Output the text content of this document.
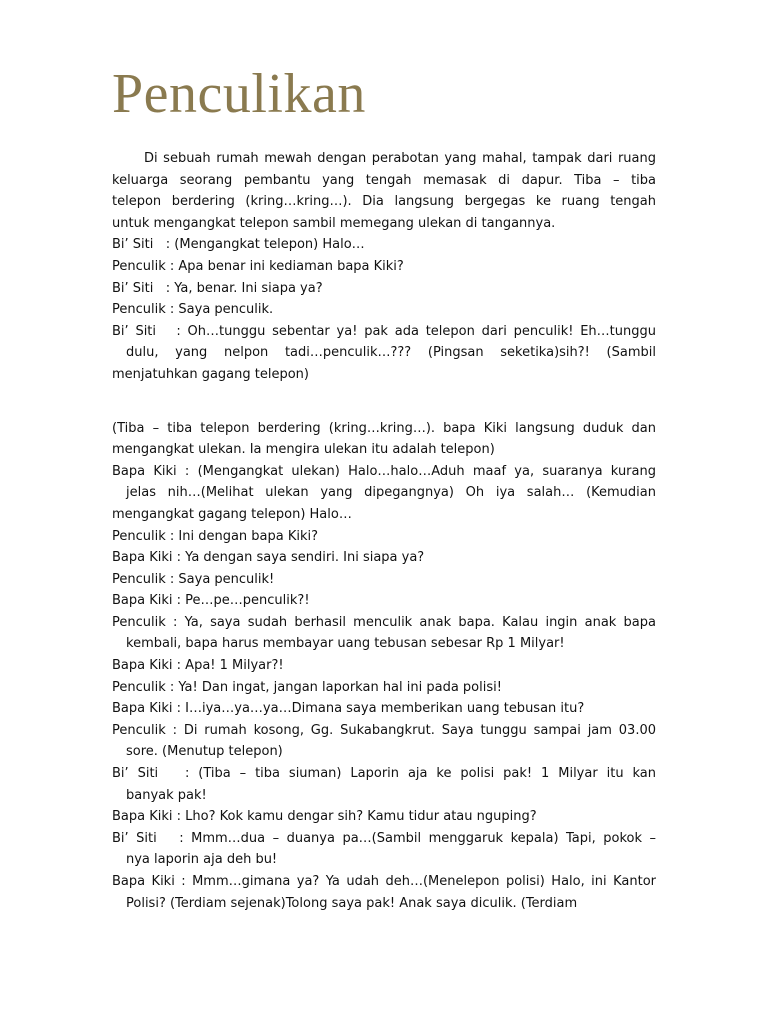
Penculikan
Di sebuah rumah mewah dengan perabotan yang mahal, tampak dari ruang
keluarga seorang pembantu yang tengah memasak di dapur. Tiba – tiba
telepon berdering (kring…kring…). Dia langsung bergegas ke ruang tengah
untuk mengangkat telepon sambil memegang ulekan di tangannya.
Bi’ Siti   : (Mengangkat telepon) Halo…
Penculik : Apa benar ini kediaman bapa Kiki?
Bi’ Siti   : Ya, benar. Ini siapa ya?
Penculik : Saya penculik.
Bi’ Siti   : Oh…tunggu sebentar ya! pak ada telepon dari penculik! Eh…tunggu
dulu, yang nelpon tadi…penculik…??? (Pingsan seketika)sih?! (Sambil
menjatuhkan gagang telepon)
(Tiba – tiba telepon berdering (kring…kring…). bapa Kiki langsung duduk dan
mengangkat ulekan. Ia mengira ulekan itu adalah telepon)
Bapa Kiki : (Mengangkat ulekan) Halo…halo…Aduh maaf ya, suaranya kurang
jelas nih…(Melihat ulekan yang dipegangnya) Oh iya salah… (Kemudian
mengangkat gagang telepon) Halo…
Penculik : Ini dengan bapa Kiki?
Bapa Kiki : Ya dengan saya sendiri. Ini siapa ya?
Penculik : Saya penculik!
Bapa Kiki : Pe…pe…penculik?!
Penculik : Ya, saya sudah berhasil menculik anak bapa. Kalau ingin anak bapa
kembali, bapa harus membayar uang tebusan sebesar Rp 1 Milyar!
Bapa Kiki : Apa! 1 Milyar?!
Penculik : Ya! Dan ingat, jangan laporkan hal ini pada polisi!
Bapa Kiki : I…iya…ya…ya…Dimana saya memberikan uang tebusan itu?
Penculik : Di rumah kosong, Gg. Sukabangkrut. Saya tunggu sampai jam 03.00
sore. (Menutup telepon)
Bi’ Siti   : (Tiba – tiba siuman) Laporin aja ke polisi pak! 1 Milyar itu kan
banyak pak!
Bapa Kiki : Lho? Kok kamu dengar sih? Kamu tidur atau nguping?
Bi’ Siti   : Mmm…dua – duanya pa…(Sambil menggaruk kepala) Tapi, pokok –
nya laporin aja deh bu!
Bapa Kiki : Mmm…gimana ya? Ya udah deh…(Menelepon polisi) Halo, ini Kantor
Polisi? (Terdiam sejenak)Tolong saya pak! Anak saya diculik. (Terdiam
